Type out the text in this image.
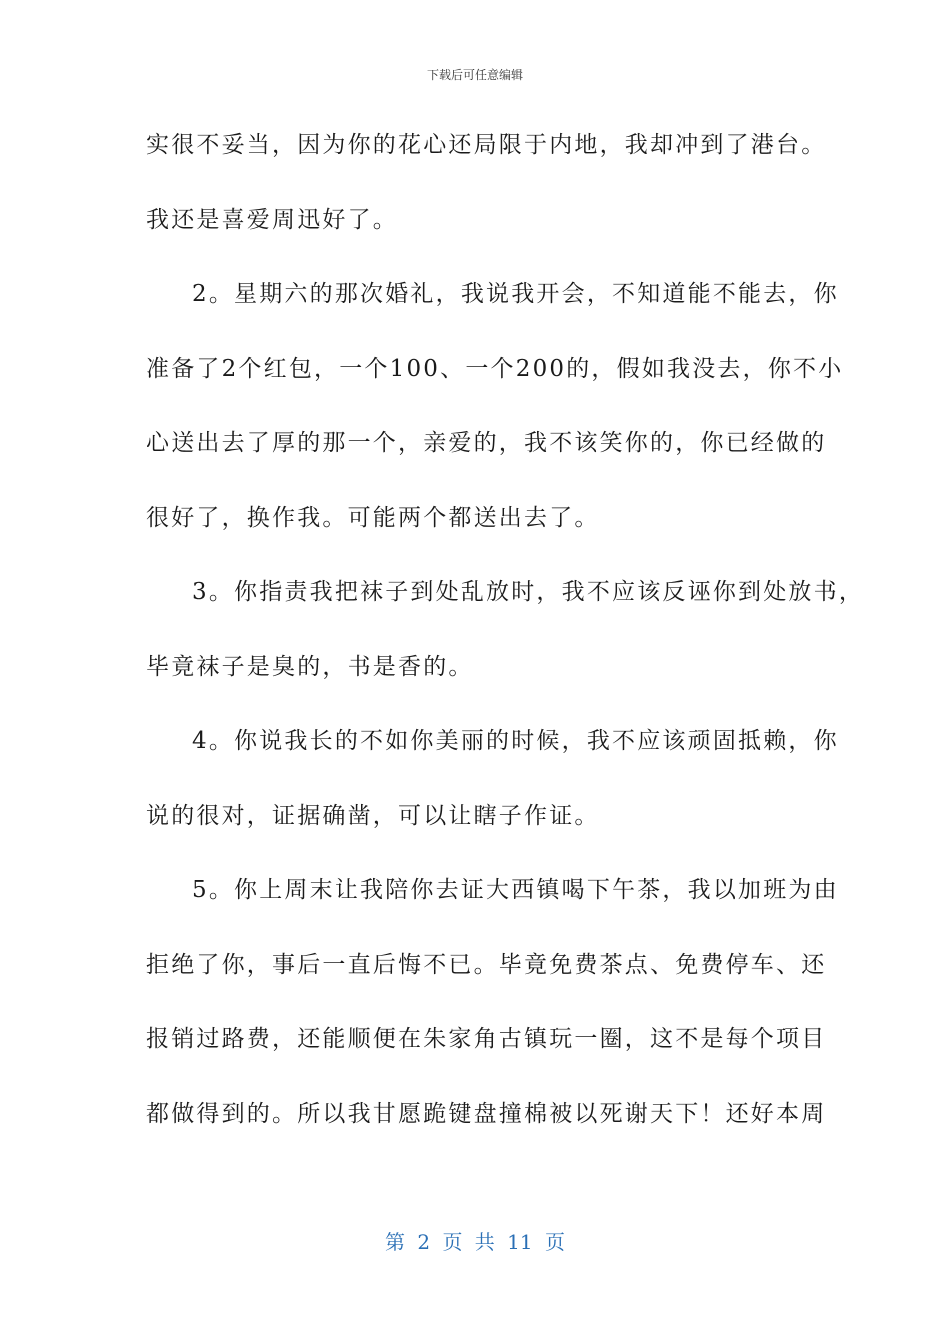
下载后可任意编辑
实很不妥当，因为你的花心还局限于内地，我却冲到了港台。
我还是喜爱周迅好了。
2。星期六的那次婚礼，我说我开会，不知道能不能去，你
准备了2个红包，一个100、一个200的，假如我没去，你不小
心送出去了厚的那一个，亲爱的，我不该笑你的，你已经做的
很好了，换作我。可能两个都送出去了。
3。你指责我把袜子到处乱放时，我不应该反诬你到处放书，
毕竟袜子是臭的，书是香的。
4。你说我长的不如你美丽的时候，我不应该顽固抵赖，你
说的很对，证据确凿，可以让瞎子作证。
5。你上周末让我陪你去证大西镇喝下午茶，我以加班为由
拒绝了你，事后一直后悔不已。毕竟免费茶点、免费停车、还
报销过路费，还能顺便在朱家角古镇玩一圈，这不是每个项目
都做得到的。所以我甘愿跪键盘撞棉被以死谢天下！还好本周
第 2 页 共 11 页
